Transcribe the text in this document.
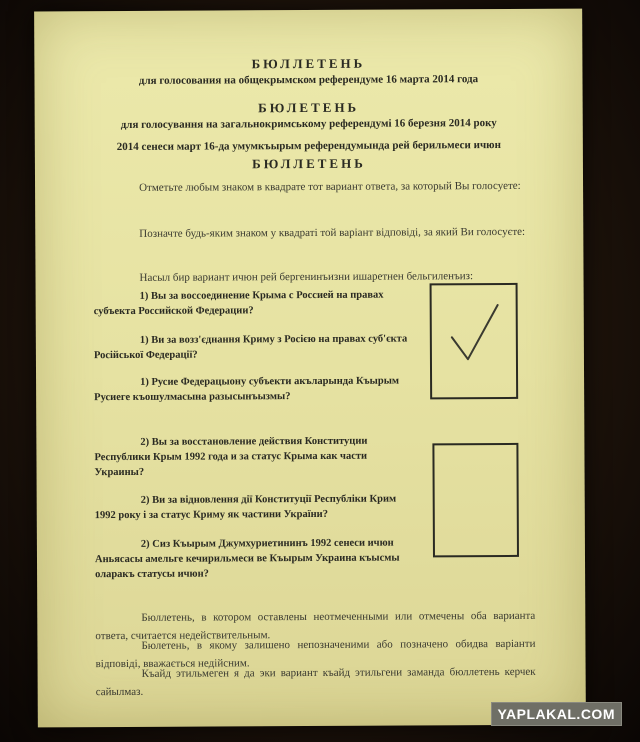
БЮЛЛЕТЕНЬ
для голосования на общекрымском референдуме 16 марта 2014 года
БЮЛЕТЕНЬ
для голосування на загальнокримському референдумі 16 березня 2014 року
2014 сенеси март 16-да умумкъырым референдумында рей берильмеси ичюн
БЮЛЛЕТЕНЬ
Отметьте любым знаком в квадрате тот вариант ответа, за который Вы голосуете:
Позначте будь-яким знаком у квадраті той варіант відповіді, за який Ви голосуєте:
Насыл бир вариант ичюн рей бергенинъизни ишаретнен бельгиленъиз:
1) Вы за воссоединение Крыма с Россией на правах субъекта Российской Федерации?
1) Ви за возз'єднання Криму з Росією на правах суб'єкта Російської Федерації?
1) Русие Федерацыону субъекти акъларында Къырым Русиеге къошулмасына разысынъызмы?
2) Вы за восстановление действия Конституции Республики Крым 1992 года и за статус Крыма как части Украины?
2) Ви за відновлення дії Конституції Республіки Крим 1992 року і за статус Криму як частини України?
2) Сиз Къырым Джумхуриетининъ 1992 сенеси ичюн Аньясасы амельге кечирильмеси ве Къырым Украина къысмы оларакъ статусы ичюн?
Бюллетень, в котором оставлены неотмеченными или отмечены оба варианта ответа, считается недействительным.
Бюлетень, в якому залишено непозначеними або позначено обидва варіанти відповіді, вважається недійсним.
Къайд этильмеген я да эки вариант къайд этильгени заманда бюллетень керчек сайылмаз.
YAPLAKAL.COM
